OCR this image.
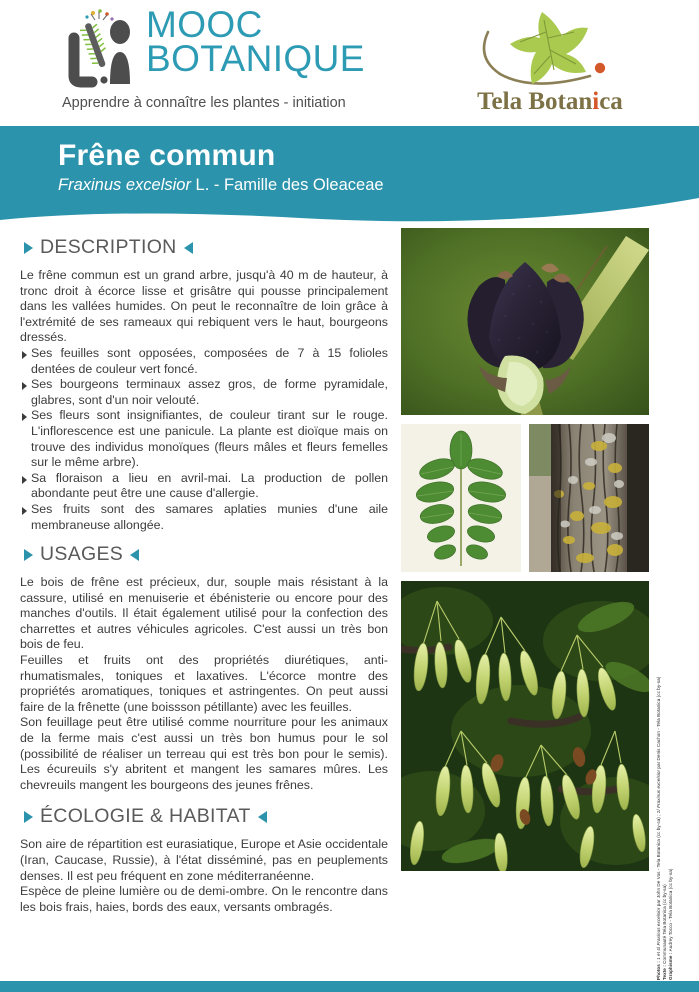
MOOC
BOTANIQUE
Apprendre à connaître les plantes - initiation	Tela Botanica
Frêne commun
Fraxinus excelsior L. - Famille des Oleaceae
DESCRIPTION

Le frêne commun est un grand arbre, jusqu'à 40 m de hauteur, à tronc droit à écorce lisse et grisâtre qui pousse principalement dans les vallées humides. On peut le reconnaître de loin grâce à l'extrémité de ses rameaux qui rebiquent vers le haut, bourgeons dressés.

Ses feuilles sont opposées, composées de 7 à 15 folioles dentées de couleur vert foncé.

Ses bourgeons terminaux assez gros, de forme pyramidale, glabres, sont d'un noir velouté.

Ses fleurs sont insignifiantes, de couleur tirant sur le rouge. L'inflorescence est une panicule. La plante est dioïque mais on trouve des individus monoïques (fleurs mâles et fleurs femelles sur le même arbre).

Sa floraison a lieu en avril-mai. La production de pollen abondante peut être une cause d'allergie.

Ses fruits sont des samares aplaties munies d'une aile membraneuse allongée.

USAGES

Le bois de frêne est précieux, dur, souple mais résistant à la cassure, utilisé en menuiserie et ébénisterie ou encore pour des manches d'outils. Il était également utilisé pour la confection des charrettes et autres véhicules agricoles. C'est aussi un très bon bois de feu.

Feuilles et fruits ont des propriétés diurétiques, anti-rhumatismales, toniques et laxatives. L'écorce montre des propriétés aromatiques, toniques et astringentes. On peut aussi faire de la frênette (une boissson pétillante) avec les feuilles.

Son feuillage peut être utilisé comme nourriture pour les animaux de la ferme mais c'est aussi un très bon humus pour le sol (possibilité de réaliser un terreau qui est très bon pour le semis). Les écureuils s'y abritent et mangent les samares mûres. Les chevreuils mangent les bourgeons des jeunes frênes.

ÉCOLOGIE & HABITAT

Son aire de répartition est eurasiatique, Europe et Asie occidentale (Iran, Caucase, Russie), à l'état disséminé, pas en peuplements denses. Il est peu fréquent en zone méditerranéenne.

Espèce de pleine lumière ou de demi-ombre. On le rencontre dans les bois frais, haies, bords des eaux, versants ombragés.

Photos : 1 et 4/ Fraxinus excelsior par John De Vos - Tela Botanica (cc by-sa) ; 2/ Fraxinus excelsior par Denis Cachon - Tela Botanica (cc by-sa)
Texte : Communauté Tela Botanica (cc by-sa)
Graphisme : Audrey Tocco - Tela Botanica (cc by-sa)
